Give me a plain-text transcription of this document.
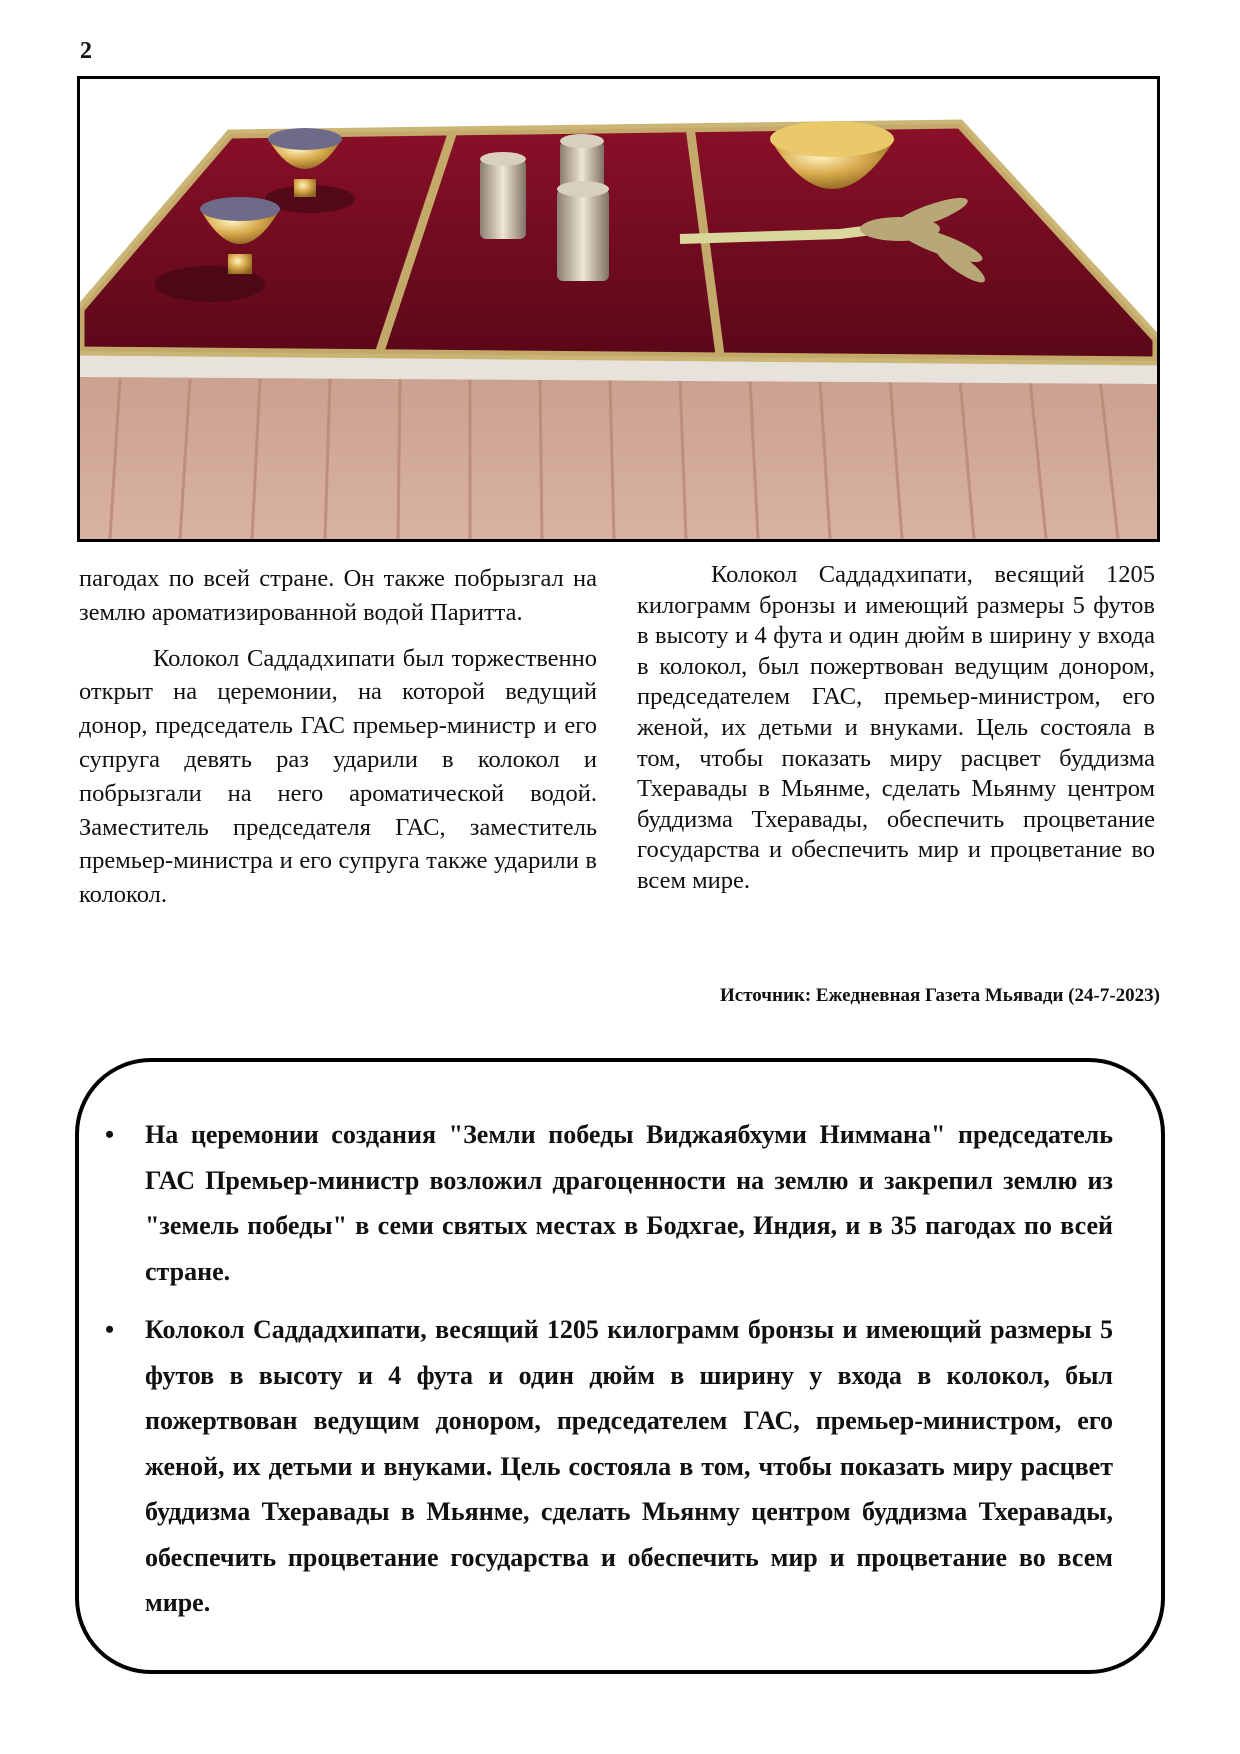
2

пагодах по всей стране. Он также побрызгал на землю ароматизированной водой Паритта.

Колокол Саддадхипати был торжественно открыт на церемонии, на которой ведущий донор, председатель ГАС премьер-министр и его супруга девять раз ударили в колокол и побрызгали на него ароматической водой. Заместитель председателя ГАС, заместитель премьер-министра и его супруга также ударили в колокол.

Колокол Саддадхипати, весящий 1205 килограмм бронзы и имеющий размеры 5 футов в высоту и 4 фута и один дюйм в ширину у входа в колокол, был пожертвован ведущим донором, председателем ГАС, премьер-министром, его женой, их детьми и внуками. Цель состояла в том, чтобы показать миру расцвет буддизма Тхеравады в Мьянме, сделать Мьянму центром буддизма Тхеравады, обеспечить процветание государства и обеспечить мир и процветание во всем мире.

Источник: Ежедневная Газета Мьявади (24-7-2023)
• На церемонии создания "Земли победы Виджаябхуми Ниммана" председатель ГАС Премьер-министр возложил драгоценности на землю и закрепил землю из "земель победы" в семи святых местах в Бодхгае, Индия, и в 35 пагодах по всей стране.
• Колокол Саддадхипати, весящий 1205 килограмм бронзы и имеющий размеры 5 футов в высоту и 4 фута и один дюйм в ширину у входа в колокол, был пожертвован ведущим донором, председателем ГАС, премьер-министром, его женой, их детьми и внуками. Цель состояла в том, чтобы показать миру расцвет буддизма Тхеравады в Мьянме, сделать Мьянму центром буддизма Тхеравады, обеспечить процветание государства и обеспечить мир и процветание во всем мире.
